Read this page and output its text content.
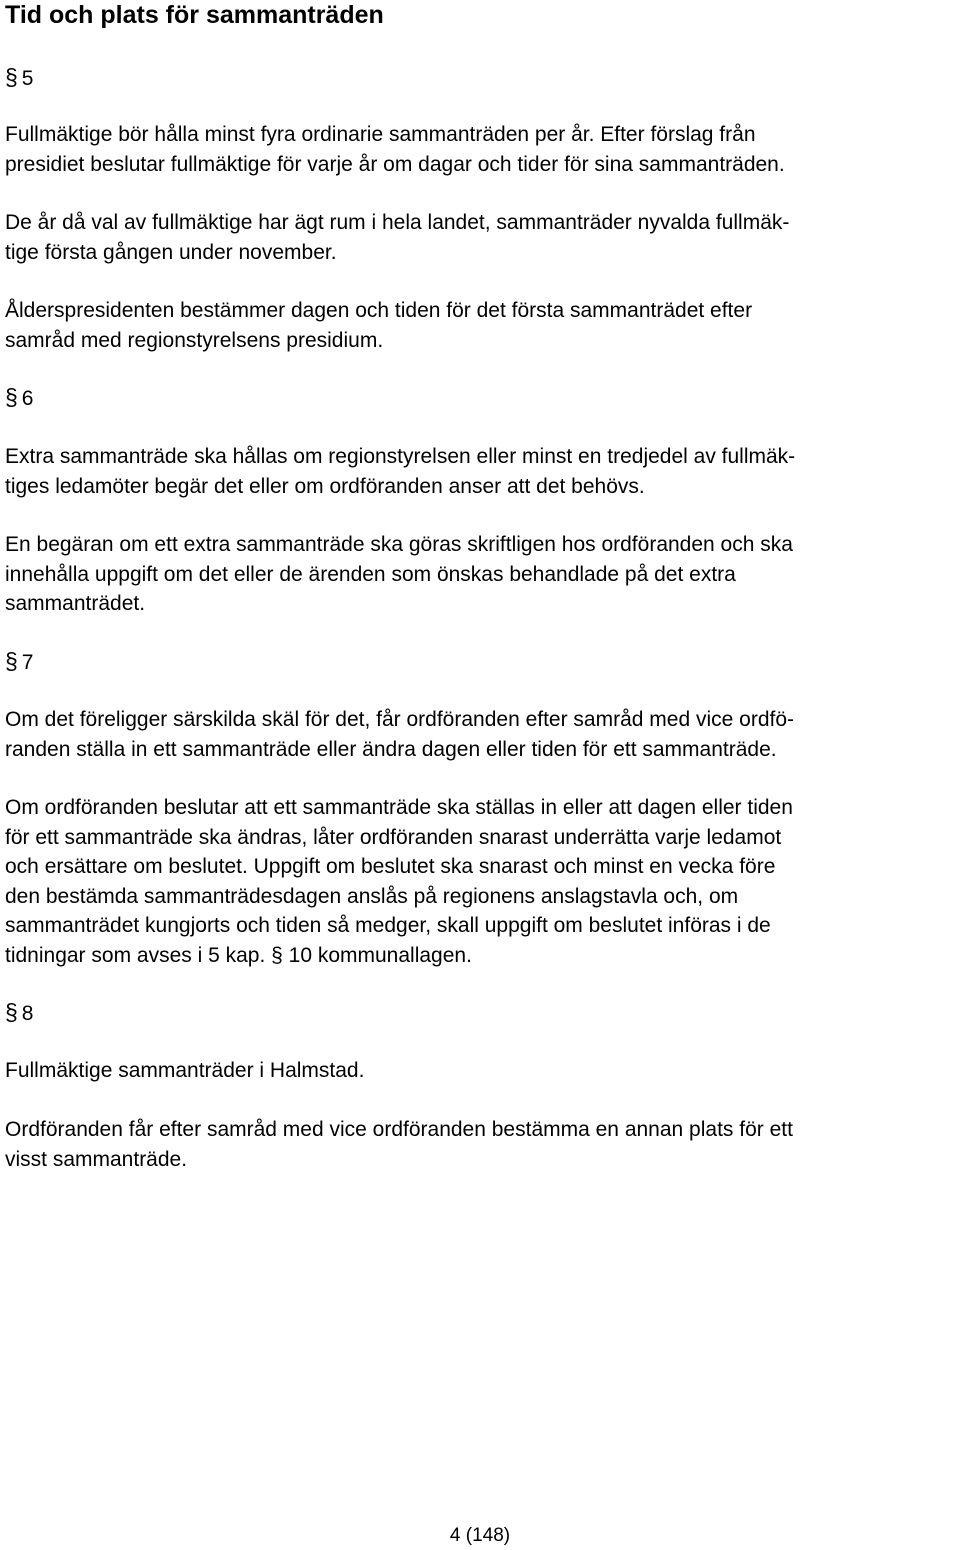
Tid och plats för sammanträden
§ 5

Fullmäktige bör hålla minst fyra ordinarie sammanträden per år. Efter förslag från
presidiet beslutar fullmäktige för varje år om dagar och tider för sina sammanträden.

De år då val av fullmäktige har ägt rum i hela landet, sammanträder nyvalda fullmäk-
tige första gången under november.

Ålderspresidenten bestämmer dagen och tiden för det första sammanträdet efter
samråd med regionstyrelsens presidium.

§ 6

Extra sammanträde ska hållas om regionstyrelsen eller minst en tredjedel av fullmäk-
tiges ledamöter begär det eller om ordföranden anser att det behövs.

En begäran om ett extra sammanträde ska göras skriftligen hos ordföranden och ska
innehålla uppgift om det eller de ärenden som önskas behandlade på det extra
sammanträdet.

§ 7

Om det föreligger särskilda skäl för det, får ordföranden efter samråd med vice ordfö-
randen ställa in ett sammanträde eller ändra dagen eller tiden för ett sammanträde.

Om ordföranden beslutar att ett sammanträde ska ställas in eller att dagen eller tiden
för ett sammanträde ska ändras, låter ordföranden snarast underrätta varje ledamot
och ersättare om beslutet. Uppgift om beslutet ska snarast och minst en vecka före
den bestämda sammanträdesdagen anslås på regionens anslagstavla och, om
sammanträdet kungjorts och tiden så medger, skall uppgift om beslutet införas i de
tidningar som avses i 5 kap. § 10 kommunallagen.

§ 8

Fullmäktige sammanträder i Halmstad.

Ordföranden får efter samråd med vice ordföranden bestämma en annan plats för ett
visst sammanträde.

4 (148)
